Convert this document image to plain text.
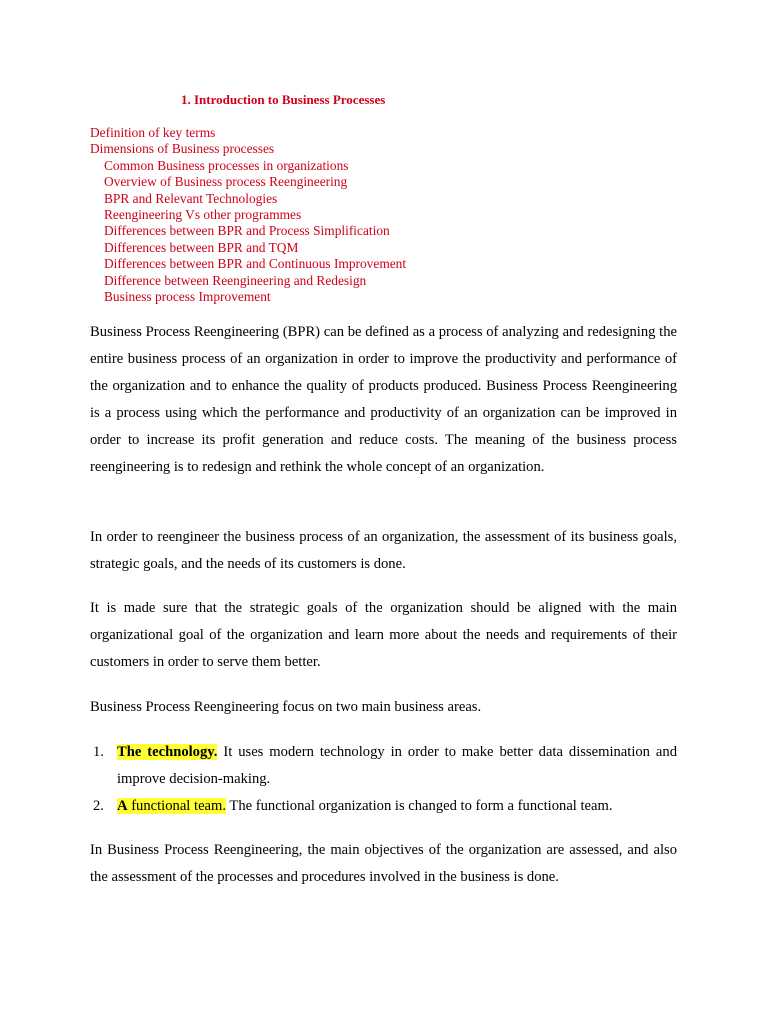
1. Introduction to Business Processes
Definition of key terms
Dimensions of Business processes
Common Business processes in organizations
Overview of Business process Reengineering
BPR and Relevant Technologies
Reengineering Vs other programmes
Differences between BPR and Process Simplification
Differences between BPR and TQM
Differences between BPR and Continuous Improvement
Difference between Reengineering and Redesign
Business process Improvement

Business Process Reengineering (BPR) can be defined as a process of analyzing and redesigning the entire business process of an organization in order to improve the productivity and performance of the organization and to enhance the quality of products produced. Business Process Reengineering is a process using which the performance and productivity of an organization can be improved in order to increase its profit generation and reduce costs. The meaning of the business process reengineering is to redesign and rethink the whole concept of an organization.

In order to reengineer the business process of an organization, the assessment of its business goals, strategic goals, and the needs of its customers is done.

It is made sure that the strategic goals of the organization should be aligned with the main organizational goal of the organization and learn more about the needs and requirements of their customers in order to serve them better.

Business Process Reengineering focus on two main business areas.

1. The technology. It uses modern technology in order to make better data dissemination and improve decision-making.
2. A functional team. The functional organization is changed to form a functional team.

In Business Process Reengineering, the main objectives of the organization are assessed, and also the assessment of the processes and procedures involved in the business is done.
